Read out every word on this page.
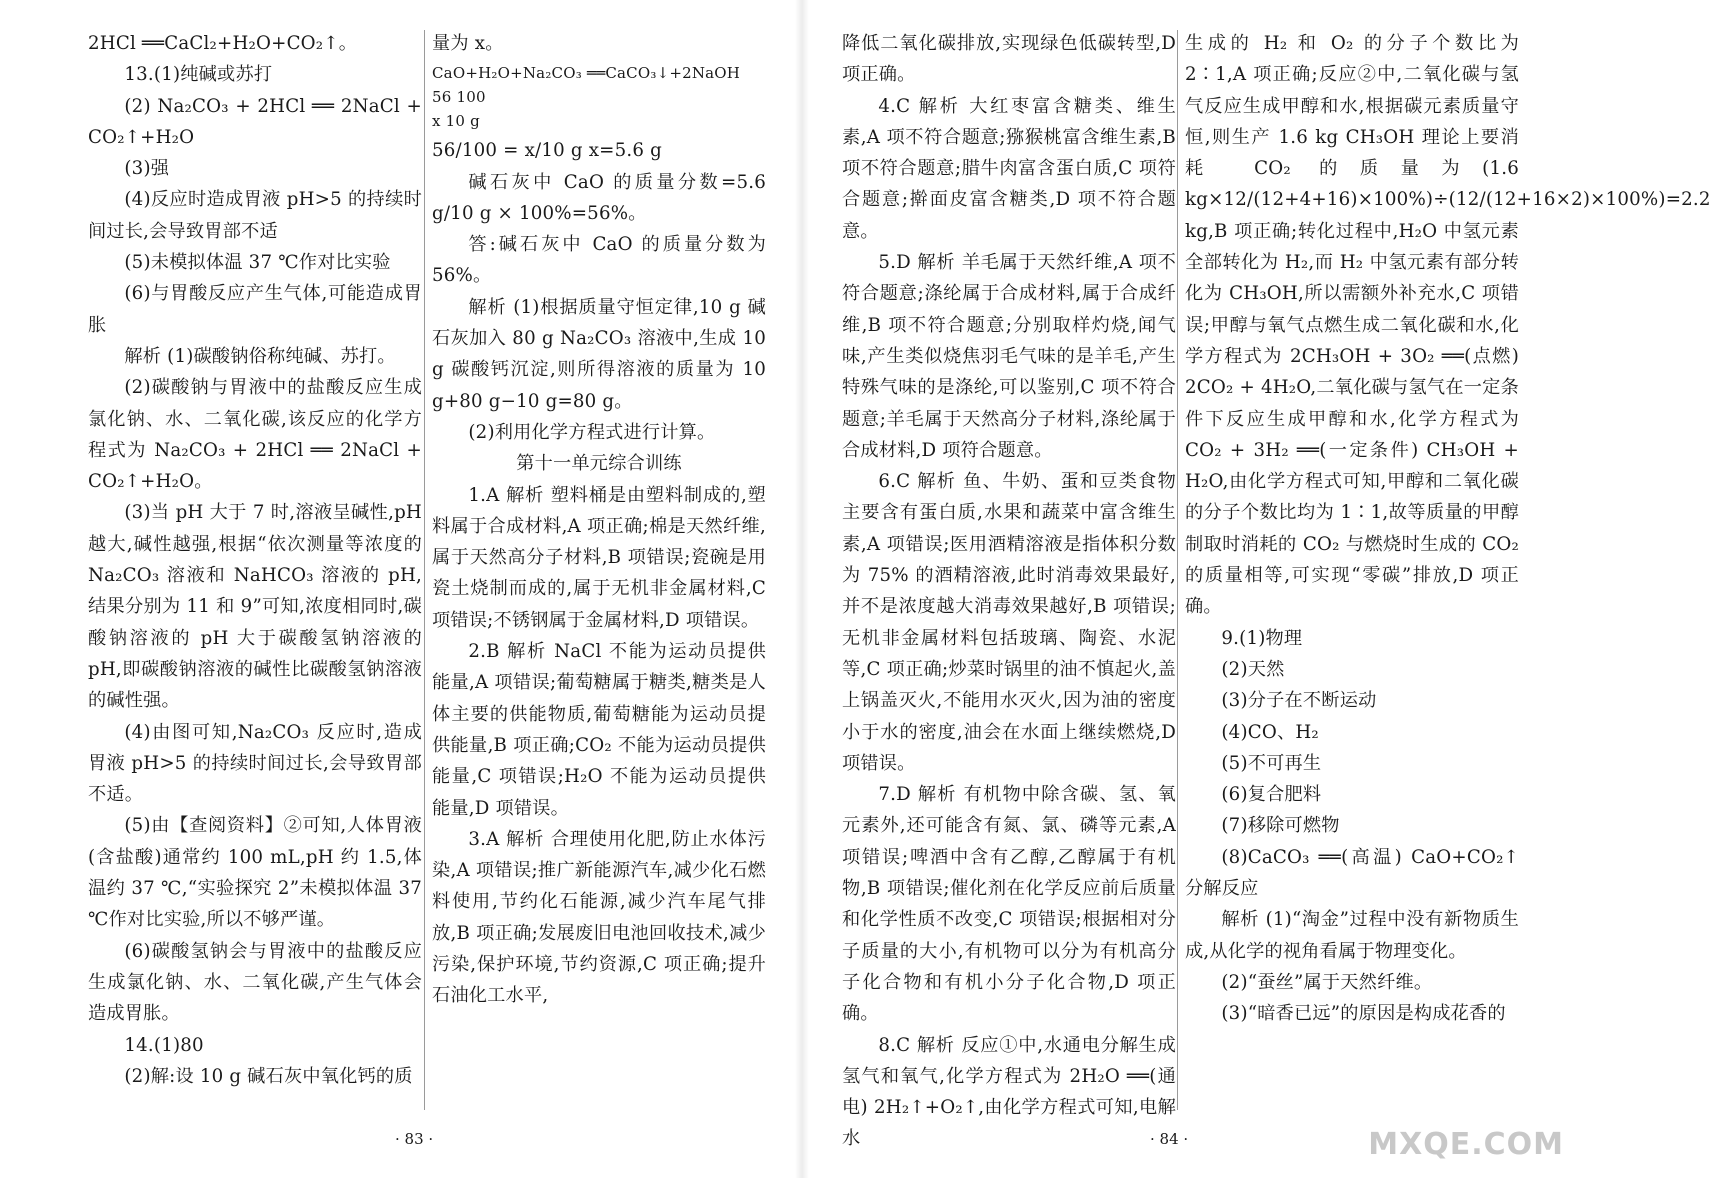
2HCl ══CaCl₂+H₂O+CO₂↑。

13.(1)纯碱或苏打

(2) Na₂CO₃ + 2HCl ══ 2NaCl + CO₂↑+H₂O

(3)强

(4)反应时造成胃液 pH>5 的持续时间过长,会导致胃部不适

(5)未模拟体温 37 ℃作对比实验

(6)与胃酸反应产生气体,可能造成胃胀

解析 (1)碳酸钠俗称纯碱、苏打。

(2)碳酸钠与胃液中的盐酸反应生成氯化钠、水、二氧化碳,该反应的化学方程式为 Na₂CO₃ + 2HCl ══ 2NaCl + CO₂↑+H₂O。

(3)当 pH 大于 7 时,溶液呈碱性,pH 越大,碱性越强,根据“依次测量等浓度的 Na₂CO₃ 溶液和 NaHCO₃ 溶液的 pH,结果分别为 11 和 9”可知,浓度相同时,碳酸钠溶液的 pH 大于碳酸氢钠溶液的 pH,即碳酸钠溶液的碱性比碳酸氢钠溶液的碱性强。

(4)由图可知,Na₂CO₃ 反应时,造成胃液 pH>5 的持续时间过长,会导致胃部不适。

(5)由【查阅资料】②可知,人体胃液(含盐酸)通常约 100 mL,pH 约 1.5,体温约 37 ℃,“实验探究 2”未模拟体温 37 ℃作对比实验,所以不够严谨。

(6)碳酸氢钠会与胃液中的盐酸反应生成氯化钠、水、二氧化碳,产生气体会造成胃胀。

14.(1)80

(2)解:设 10 g 碱石灰中氧化钙的质

量为 x。

CaO+H₂O+Na₂CO₃ ══CaCO₃↓+2NaOH

56 100

x 10 g

56/100 = x/10 g x=5.6 g

碱石灰中 CaO 的质量分数=5.6 g/10 g × 100%=56%。

答:碱石灰中 CaO 的质量分数为 56%。

解析 (1)根据质量守恒定律,10 g 碱石灰加入 80 g Na₂CO₃ 溶液中,生成 10 g 碳酸钙沉淀,则所得溶液的质量为 10 g+80 g−10 g=80 g。

(2)利用化学方程式进行计算。

第十一单元综合训练

1.A 解析 塑料桶是由塑料制成的,塑料属于合成材料,A 项正确;棉是天然纤维,属于天然高分子材料,B 项错误;瓷碗是用瓷土烧制而成的,属于无机非金属材料,C 项错误;不锈钢属于金属材料,D 项错误。

2.B 解析 NaCl 不能为运动员提供能量,A 项错误;葡萄糖属于糖类,糖类是人体主要的供能物质,葡萄糖能为运动员提供能量,B 项正确;CO₂ 不能为运动员提供能量,C 项错误;H₂O 不能为运动员提供能量,D 项错误。

3.A 解析 合理使用化肥,防止水体污染,A 项错误;推广新能源汽车,减少化石燃料使用,节约化石能源,减少汽车尾气排放,B 项正确;发展废旧电池回收技术,减少污染,保护环境,节约资源,C 项正确;提升石油化工水平,

降低二氧化碳排放,实现绿色低碳转型,D 项正确。

4.C 解析 大红枣富含糖类、维生素,A 项不符合题意;猕猴桃富含维生素,B 项不符合题意;腊牛肉富含蛋白质,C 项符合题意;擀面皮富含糖类,D 项不符合题意。

5.D 解析 羊毛属于天然纤维,A 项不符合题意;涤纶属于合成材料,属于合成纤维,B 项不符合题意;分别取样灼烧,闻气味,产生类似烧焦羽毛气味的是羊毛,产生特殊气味的是涤纶,可以鉴别,C 项不符合题意;羊毛属于天然高分子材料,涤纶属于合成材料,D 项符合题意。

6.C 解析 鱼、牛奶、蛋和豆类食物主要含有蛋白质,水果和蔬菜中富含维生素,A 项错误;医用酒精溶液是指体积分数为 75% 的酒精溶液,此时消毒效果最好,并不是浓度越大消毒效果越好,B 项错误;无机非金属材料包括玻璃、陶瓷、水泥等,C 项正确;炒菜时锅里的油不慎起火,盖上锅盖灭火,不能用水灭火,因为油的密度小于水的密度,油会在水面上继续燃烧,D 项错误。

7.D 解析 有机物中除含碳、氢、氧元素外,还可能含有氮、氯、磷等元素,A 项错误;啤酒中含有乙醇,乙醇属于有机物,B 项错误;催化剂在化学反应前后质量和化学性质不改变,C 项错误;根据相对分子质量的大小,有机物可以分为有机高分子化合物和有机小分子化合物,D 项正确。

8.C 解析 反应①中,水通电分解生成氢气和氧气,化学方程式为 2H₂O ══(通电) 2H₂↑+O₂↑,由化学方程式可知,电解水

生成的 H₂ 和 O₂ 的分子个数比为 2∶1,A 项正确;反应②中,二氧化碳与氢气反应生成甲醇和水,根据碳元素质量守恒,则生产 1.6 kg CH₃OH 理论上要消耗 CO₂ 的质量为(1.6 kg×12/(12+4+16)×100%)÷(12/(12+16×2)×100%)=2.2 kg,B 项正确;转化过程中,H₂O 中氢元素全部转化为 H₂,而 H₂ 中氢元素有部分转化为 CH₃OH,所以需额外补充水,C 项错误;甲醇与氧气点燃生成二氧化碳和水,化学方程式为 2CH₃OH + 3O₂ ══(点燃) 2CO₂ + 4H₂O,二氧化碳与氢气在一定条件下反应生成甲醇和水,化学方程式为 CO₂ + 3H₂ ══(一定条件) CH₃OH + H₂O,由化学方程式可知,甲醇和二氧化碳的分子个数比均为 1∶1,故等质量的甲醇制取时消耗的 CO₂ 与燃烧时生成的 CO₂ 的质量相等,可实现“零碳”排放,D 项正确。

9.(1)物理

(2)天然

(3)分子在不断运动

(4)CO、H₂

(5)不可再生

(6)复合肥料

(7)移除可燃物

(8)CaCO₃ ══(高温) CaO+CO₂↑ 分解反应

解析 (1)“淘金”过程中没有新物质生成,从化学的视角看属于物理变化。

(2)“蚕丝”属于天然纤维。

(3)“暗香已远”的原因是构成花香的

· 83 ·	· 84 ·	MXQE.COM
